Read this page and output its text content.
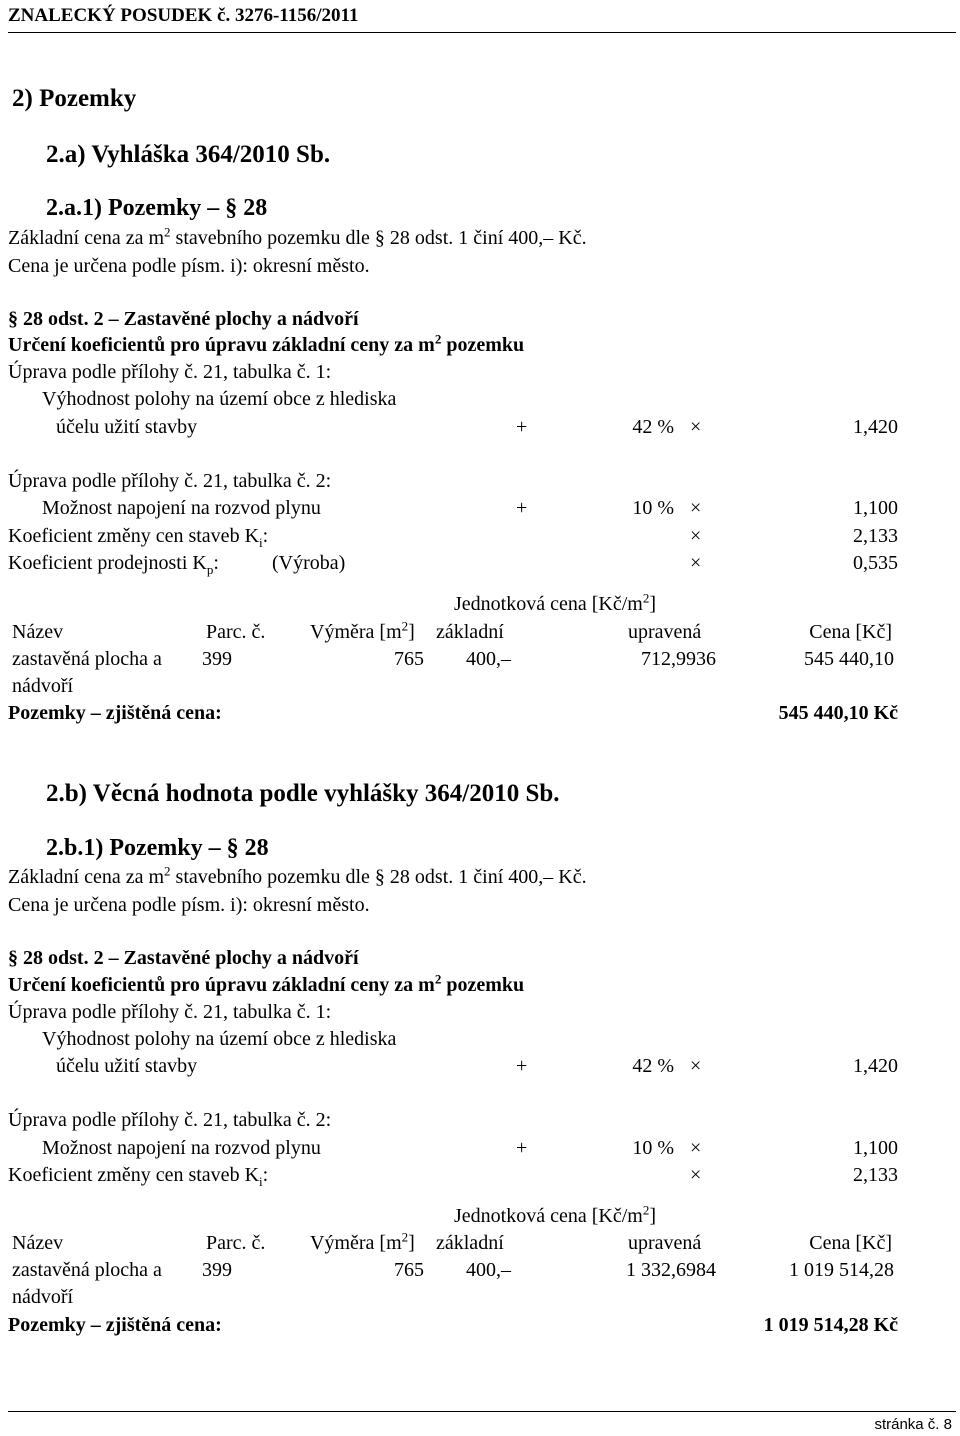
ZNALECKÝ POSUDEK č. 3276-1156/2011
2) Pozemky
2.a) Vyhláška 364/2010 Sb.
2.a.1) Pozemky – § 28
Základní cena za $m^2$ stavebního pozemku dle § 28 odst. 1 činí 400,– Kč.
Cena je určena podle písm. i): okresní město.
§ 28 odst. 2 – Zastavěné plochy a nádvoří
Určení koeficientů pro úpravu základní ceny za $m^2$ pozemku
Úprava podle přílohy č. 21, tabulka č. 1:
Výhodnost polohy na území obce z hlediska
účelu užití stavby	+	42 % ×	1,420
Úprava podle přílohy č. 21, tabulka č. 2:
Možnost napojení na rozvod plynu	+	10 % ×	1,100
Koeficient změny cen staveb $K_i$:	×	2,133
Koeficient prodejnosti $K_p$:	(Výroba)	×	0,535
Jednotková cena $[Kč/m^2]$
Název	Parc. č. Výměra $[m^2]$ základní	upravená	Cena [Kč]
zastavěná plocha a
nádvoří
399	765 400,–	712,9936	545 440,10
Pozemky – zjištěná cena:	545 440,10 Kč
2.b) Věcná hodnota podle vyhlášky 364/2010 Sb.
2.b.1) Pozemky – § 28
Základní cena za $m^2$ stavebního pozemku dle § 28 odst. 1 činí 400,– Kč.
Cena je určena podle písm. i): okresní město.
§ 28 odst. 2 – Zastavěné plochy a nádvoří
Určení koeficientů pro úpravu základní ceny za $m^2$ pozemku
Úprava podle přílohy č. 21, tabulka č. 1:
Výhodnost polohy na území obce z hlediska
účelu užití stavby	+	42 % ×	1,420
Úprava podle přílohy č. 21, tabulka č. 2:
Možnost napojení na rozvod plynu	+	10 % ×	1,100
Koeficient změny cen staveb $K_i$:	×	2,133
Jednotková cena $[Kč/m^2]$
Název	Parc. č. Výměra $[m^2]$ základní	upravená	Cena [Kč]
zastavěná plocha a
nádvoří
399	765 400,–	1 332,6984	1 019 514,28
Pozemky – zjištěná cena:	1 019 514,28 Kč
stránka č. 8
